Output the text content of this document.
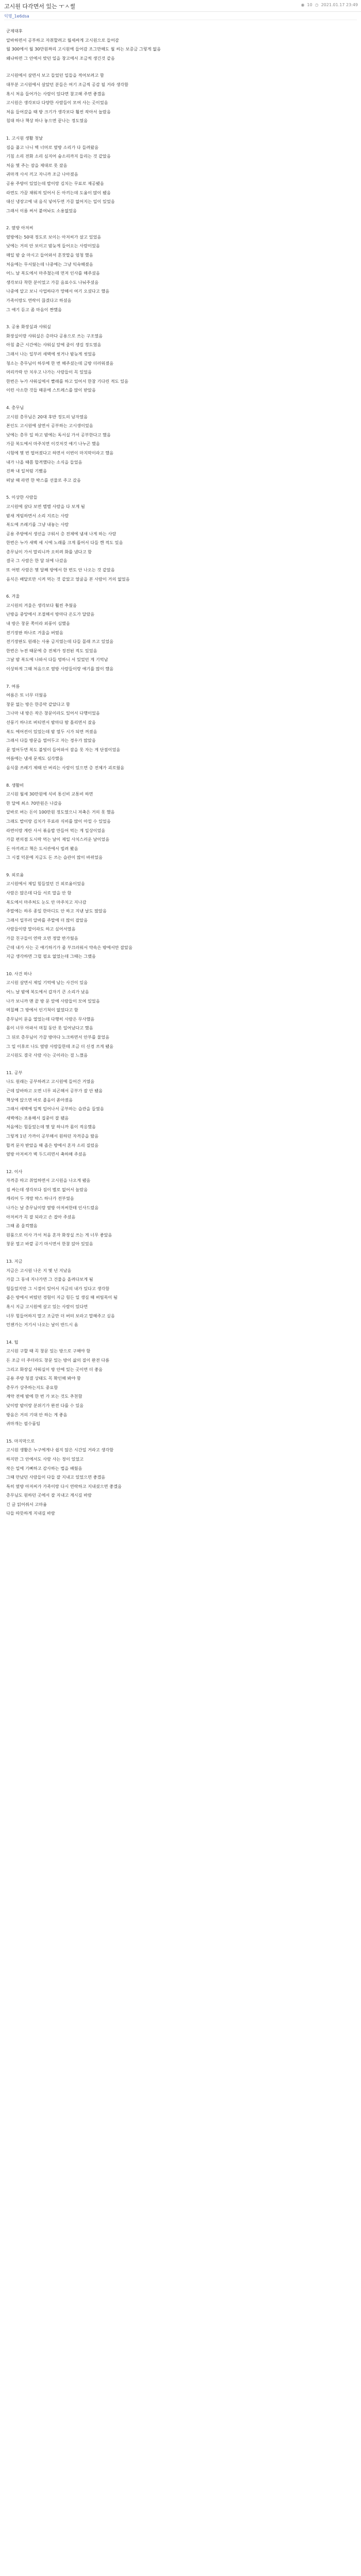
고시원 다각면서 있는 ㅜㅅ썰	◉ 10 ◷ 2021.01.17 23:49
익명_1e6dsa
군제대후
알바하면서 공부하고 자취할려고 월세싸게 고시원으로 들어감
월 300에서 월 30만원짜리 고시원에 들어감 조그만해도 월 씨는 보증금 그렇게 없음
왜냐하면 그 안에서 맞던 일을 창고에서 조금씩 생긴것 같음
고시원에서 살면서 보고 들었던 일들을 적어보려고 함
대부분 고시원에서 살았던 분들은 여기 조금씩 공감 될 거라 생각함
혹시 처음 들어가는 사람이 있다면 참고해 주면 좋겠음
고시원은 생각보다 다양한 사람들이 모여 사는 곳이었음
처음 들어갔을 때 방 크기가 생각보다 훨씬 작아서 놀랐음
침대 하나 책상 하나 놓으면 끝나는 정도였음
1. 고시원 생활 첫날
짐을 풀고 나니 벽 너머로 옆방 소리가 다 들려왔음
기침 소리 전화 소리 심지어 숨소리까지 들리는 것 같았음
처음 몇 주는 잠을 제대로 못 잤음
귀마개 사서 끼고 자니까 조금 나아졌음
공용 주방이 있었는데 밥이랑 김치는 무료로 제공됐음
라면도 가끔 채워져 있어서 돈 아끼는데 도움이 많이 됐음
대신 냉장고에 내 음식 넣어두면 가끔 없어지는 일이 있었음
그래서 이름 써서 붙여놔도 소용없었음
2. 옆방 아저씨
옆방에는 50대 정도로 보이는 아저씨가 살고 있었음
낮에는 거의 안 보이고 밤늦게 들어오는 사람이었음
매일 밤 술 마시고 들어와서 혼잣말을 엄청 했음
처음에는 무서웠는데 나중에는 그냥 익숙해졌음
어느 날 복도에서 마주쳤는데 먼저 인사를 해주셨음
생각보다 착한 분이었고 가끔 음료수도 나눠주셨음
나중에 알고 보니 사업하다가 망해서 여기 오셨다고 했음
가족이랑도 연락이 끊겼다고 하셨음
그 얘기 듣고 좀 마음이 짠했음
3. 공용 화장실과 샤워실
화장실이랑 샤워실은 층마다 공용으로 쓰는 구조였음
아침 출근 시간에는 샤워실 앞에 줄이 생길 정도였음
그래서 나는 일부러 새벽에 씻거나 밤늦게 씻었음
청소는 총무님이 하루에 한 번 해주셨는데 금방 더러워졌음
머리카락 안 치우고 나가는 사람들이 꼭 있었음
한번은 누가 샤워실에서 빨래를 하고 있어서 한참 기다린 적도 있음
이런 사소한 것들 때문에 스트레스를 많이 받았음
4. 총무님
고시원 총무님은 20대 후반 정도의 남자였음
본인도 고시원에 살면서 공부하는 고시생이었음
낮에는 총무 일 하고 밤에는 독서실 가서 공부한다고 했음
가끔 복도에서 마주치면 이것저것 얘기 나누곤 했음
시험에 몇 번 떨어졌다고 하면서 이번이 마지막이라고 했음
내가 나올 때쯤 합격했다는 소식을 들었음
진짜 내 일처럼 기뻤음
떠날 때 라면 한 박스를 선물로 주고 갔음
5. 이상한 사람들
고시원에 살다 보면 별별 사람을 다 보게 됨
밤새 게임하면서 소리 지르는 사람
복도에 쓰레기를 그냥 내놓는 사람
공용 주방에서 생선을 구워서 층 전체에 냄새 나게 하는 사람
한번은 누가 새벽 세 시에 노래를 크게 틀어서 다들 깬 적도 있음
총무님이 가서 말리니까 오히려 화를 냈다고 함
결국 그 사람은 한 달 뒤에 나갔음
또 어떤 사람은 몇 달째 방에서 한 번도 안 나오는 것 같았음
음식은 배달로만 시켜 먹는 것 같았고 얼굴을 본 사람이 거의 없었음
6. 겨울
고시원의 겨울은 생각보다 훨씬 추웠음
난방을 중앙에서 조절해서 방마다 온도가 달랐음
내 방은 창문 쪽이라 외풍이 심했음
전기장판 하나로 겨울을 버텼음
전기장판도 원래는 사용 금지였는데 다들 몰래 쓰고 있었음
한번은 누전 때문에 층 전체가 정전된 적도 있었음
그날 밤 복도에 나와서 다들 멍하니 서 있었던 게 기억남
이상하게 그때 처음으로 옆방 사람들이랑 얘기를 많이 했음
7. 여름
여름은 또 너무 더웠음
창문 없는 방은 한증막 같았다고 함
그나마 내 방은 작은 창문이라도 있어서 다행이었음
선풍기 하나로 버티면서 밤마다 땀 흘리면서 잤음
복도 에어컨이 있었는데 밤 열두 시가 되면 꺼졌음
그래서 다들 방문을 열어두고 자는 경우가 많았음
문 열어두면 복도 불빛이 들어와서 잠을 못 자는 게 단점이었음
여름에는 냄새 문제도 심각했음
음식물 쓰레기 제때 안 버리는 사람이 있으면 층 전체가 괴로웠음
8. 생활비
고시원 월세 30만원에 식비 통신비 교통비 하면
한 달에 최소 70만원은 나갔음
알바로 버는 돈이 100만원 정도였으니 저축은 거의 못 했음
그래도 밥이랑 김치가 무료라 식비를 많이 아낄 수 있었음
라면이랑 계란 사서 볶음밥 만들어 먹는 게 일상이었음
가끔 편의점 도시락 먹는 날이 제일 사치스러운 날이었음
돈 아끼려고 책은 도서관에서 빌려 봤음
그 시절 덕분에 지금도 돈 쓰는 습관이 많이 바뀌었음
9. 외로움
고시원에서 제일 힘들었던 건 외로움이었음
사람은 많은데 다들 서로 말을 안 함
복도에서 마주쳐도 눈도 안 마주치고 지나감
주말에는 하루 종일 한마디도 안 하고 지낸 날도 많았음
그래서 일부러 알바를 주말에 더 많이 잡았음
사람들이랑 말이라도 하고 싶어서였음
가끔 친구들이 연락 오면 정말 반가웠음
근데 내가 사는 곳 얘기하기가 좀 부끄러워서 약속은 밖에서만 잡았음
지금 생각하면 그럴 필요 없었는데 그때는 그랬음
10. 사건 하나
고시원 살면서 제일 기억에 남는 사건이 있음
어느 날 밤에 복도에서 갑자기 큰 소리가 났음
나가 보니까 맨 끝 방 문 앞에 사람들이 모여 있었음
며칠째 그 방에서 인기척이 없었다고 함
총무님이 문을 열었는데 다행히 사람은 무사했음
몸이 너무 아파서 며칠 동안 못 일어났다고 했음
그 뒤로 총무님이 가끔 방마다 노크하면서 안부를 물었음
그 일 이후로 나도 옆방 사람들한테 조금 더 신경 쓰게 됐음
고시원도 결국 사람 사는 곳이라는 걸 느꼈음
11. 공부
나도 원래는 공부하려고 고시원에 들어간 거였음
근데 알바하고 오면 너무 피곤해서 공부가 잘 안 됐음
책상에 앉으면 바로 졸음이 쏟아졌음
그래서 새벽에 일찍 일어나서 공부하는 습관을 들였음
새벽에는 조용해서 집중이 잘 됐음
처음에는 힘들었는데 몇 달 하니까 몸이 적응했음
그렇게 1년 가까이 공부해서 원하던 자격증을 땄음
합격 문자 받았을 때 좁은 방에서 혼자 소리 질렀음
옆방 아저씨가 벽 두드리면서 축하해 주셨음
12. 이사
자격증 따고 취업하면서 고시원을 나오게 됐음
짐 싸는데 생각보다 짐이 별로 없어서 놀랐음
캐리어 두 개랑 박스 하나가 전부였음
나가는 날 총무님이랑 옆방 아저씨한테 인사드렸음
아저씨가 꼭 잘 되라고 손 잡아 주셨음
그때 좀 울컥했음
원룸으로 이사 가서 처음 혼자 화장실 쓰는 게 너무 좋았음
창문 열고 바깥 공기 마시면서 한참 앉아 있었음
13. 지금
지금은 고시원 나온 지 몇 년 지났음
가끔 그 동네 지나가면 그 건물을 올려다보게 됨
힘들었지만 그 시절이 있어서 지금의 내가 있다고 생각함
좁은 방에서 버텼던 경험이 지금 힘든 일 생길 때 버팀목이 됨
혹시 지금 고시원에 살고 있는 사람이 있다면
너무 힘들어하지 말고 조금만 더 버텨 보라고 말해주고 싶음
언젠가는 거기서 나오는 날이 반드시 옴
14. 팁
고시원 구할 때 꼭 창문 있는 방으로 구해야 함
돈 조금 더 주더라도 창문 있는 방이 삶의 질이 완전 다름
그리고 화장실 샤워실이 방 안에 있는 곳이면 더 좋음
공용 주방 청결 상태도 꼭 확인해 봐야 함
총무가 상주하는지도 중요함
계약 전에 밤에 한 번 가 보는 것도 추천함
낮이랑 밤이랑 분위기가 완전 다를 수 있음
방음은 거의 기대 안 하는 게 좋음
귀마개는 필수품임
15. 마지막으로
고시원 생활은 누구에게나 쉽지 않은 시간일 거라고 생각함
하지만 그 안에서도 사람 사는 정이 있었고
작은 일에 기뻐하고 감사하는 법을 배웠음
그때 만났던 사람들이 다들 잘 지내고 있었으면 좋겠음
특히 옆방 아저씨가 가족이랑 다시 연락하고 지내셨으면 좋겠음
총무님도 원하던 곳에서 잘 지내고 계시길 바람
긴 글 읽어줘서 고마움
다들 따뜻하게 지내길 바람
